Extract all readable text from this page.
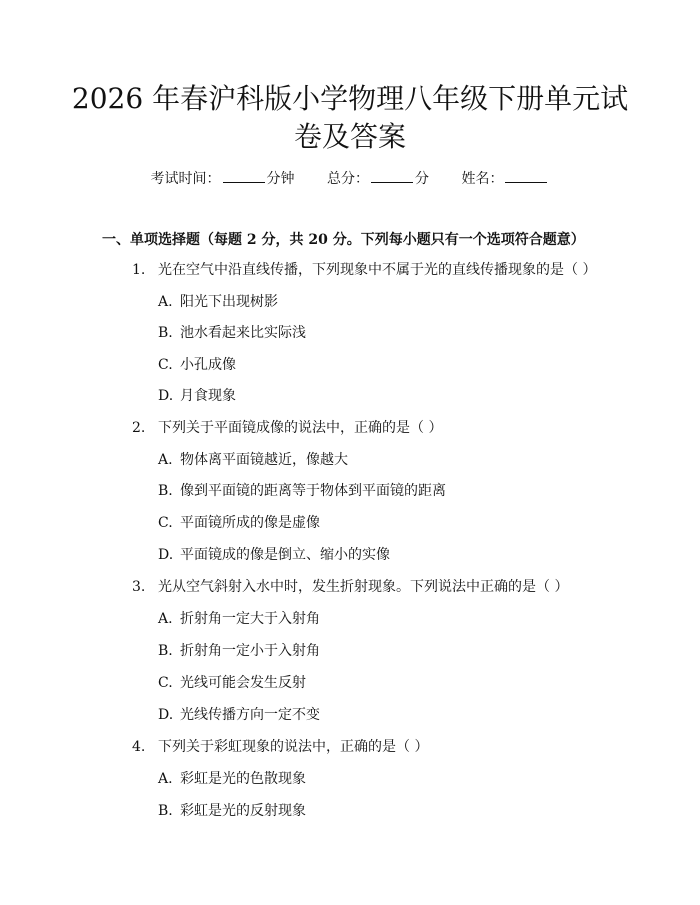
2026 年春沪科版小学物理八年级下册单元试
卷及答案
考试时间：	分钟 总分：	分 姓名：
一、单项选择题（每题 2 分，共 20 分。下列每小题只有一个选项符合题意）
1. 光在空气中沿直线传播，下列现象中不属于光的直线传播现象的是（ ）
A. 阳光下出现树影
B. 池水看起来比实际浅
C. 小孔成像
D. 月食现象
2. 下列关于平面镜成像的说法中，正确的是（ ）
A. 物体离平面镜越近，像越大
B. 像到平面镜的距离等于物体到平面镜的距离
C. 平面镜所成的像是虚像
D. 平面镜成的像是倒立、缩小的实像
3. 光从空气斜射入水中时，发生折射现象。下列说法中正确的是（ ）
A. 折射角一定大于入射角
B. 折射角一定小于入射角
C. 光线可能会发生反射
D. 光线传播方向一定不变
4. 下列关于彩虹现象的说法中，正确的是（ ）
A. 彩虹是光的色散现象
B. 彩虹是光的反射现象
